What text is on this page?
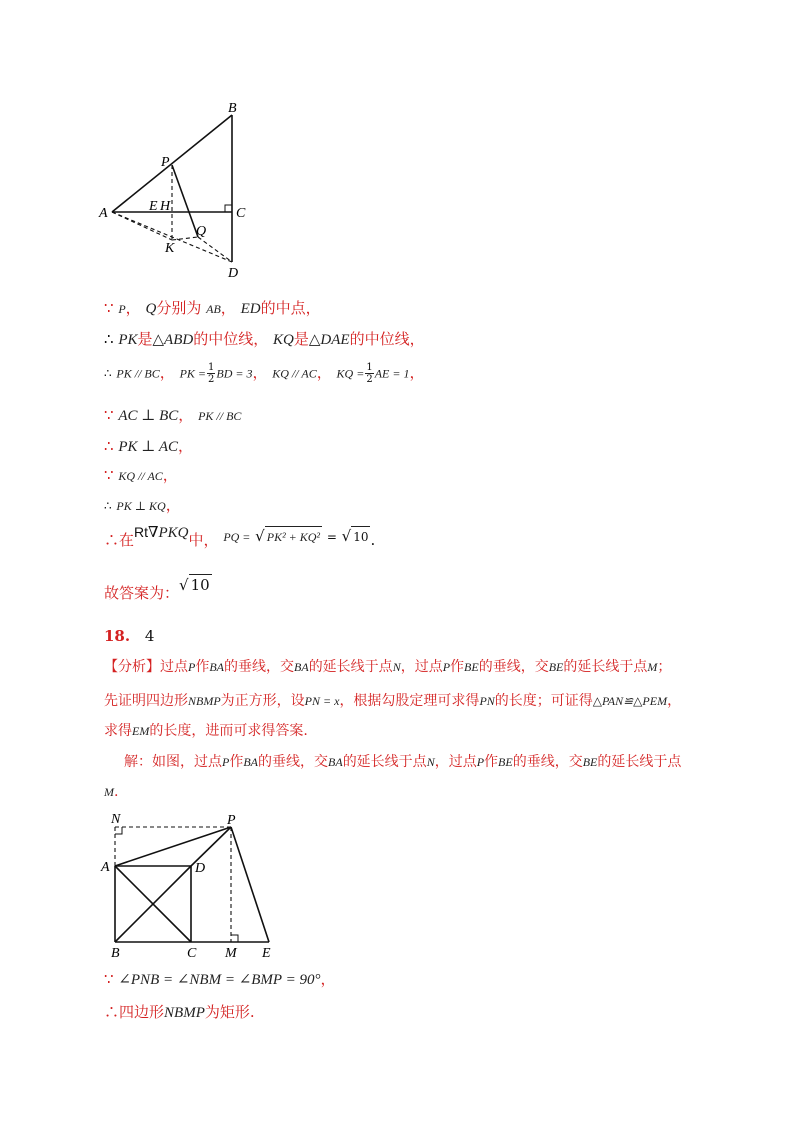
B
P
A	E H	C
Q
K
D
∵ P， Q分别为 AB， ED的中点，
∴ PK是△ABD的中位线， KQ是△DAE的中位线，
∴ PK // BC， PK = $\frac{1}{2}$ BD = 3， KQ // AC， KQ = $\frac{1}{2}$ AE = 1，
∵ AC ⊥ BC， PK // BC
∴ PK ⊥ AC，
∵ KQ // AC，
∴ PK ⊥ KQ，
∴在Rt∇PKQ中， PQ = √ PK² + KQ² = √ 10 .
故答案为：√ 10
18. 4
【分析】过点P作BA的垂线，交BA的延长线于点N，过点P作BE的垂线，交BE的延长线于点M；
先证明四边形NBMP为正方形，设PN = x，根据勾股定理可求得PN的长度；可证得△PAN≌△PEM，
求得EM的长度，进而可求得答案.
解：如图，过点P作BA的垂线，交BA的延长线于点N，过点P作BE的垂线，交BE的延长线于点
M.
N	P
A	D
B	C M E
∵ ∠PNB = ∠NBM = ∠BMP = 90°，
∴四边形NBMP为矩形.
